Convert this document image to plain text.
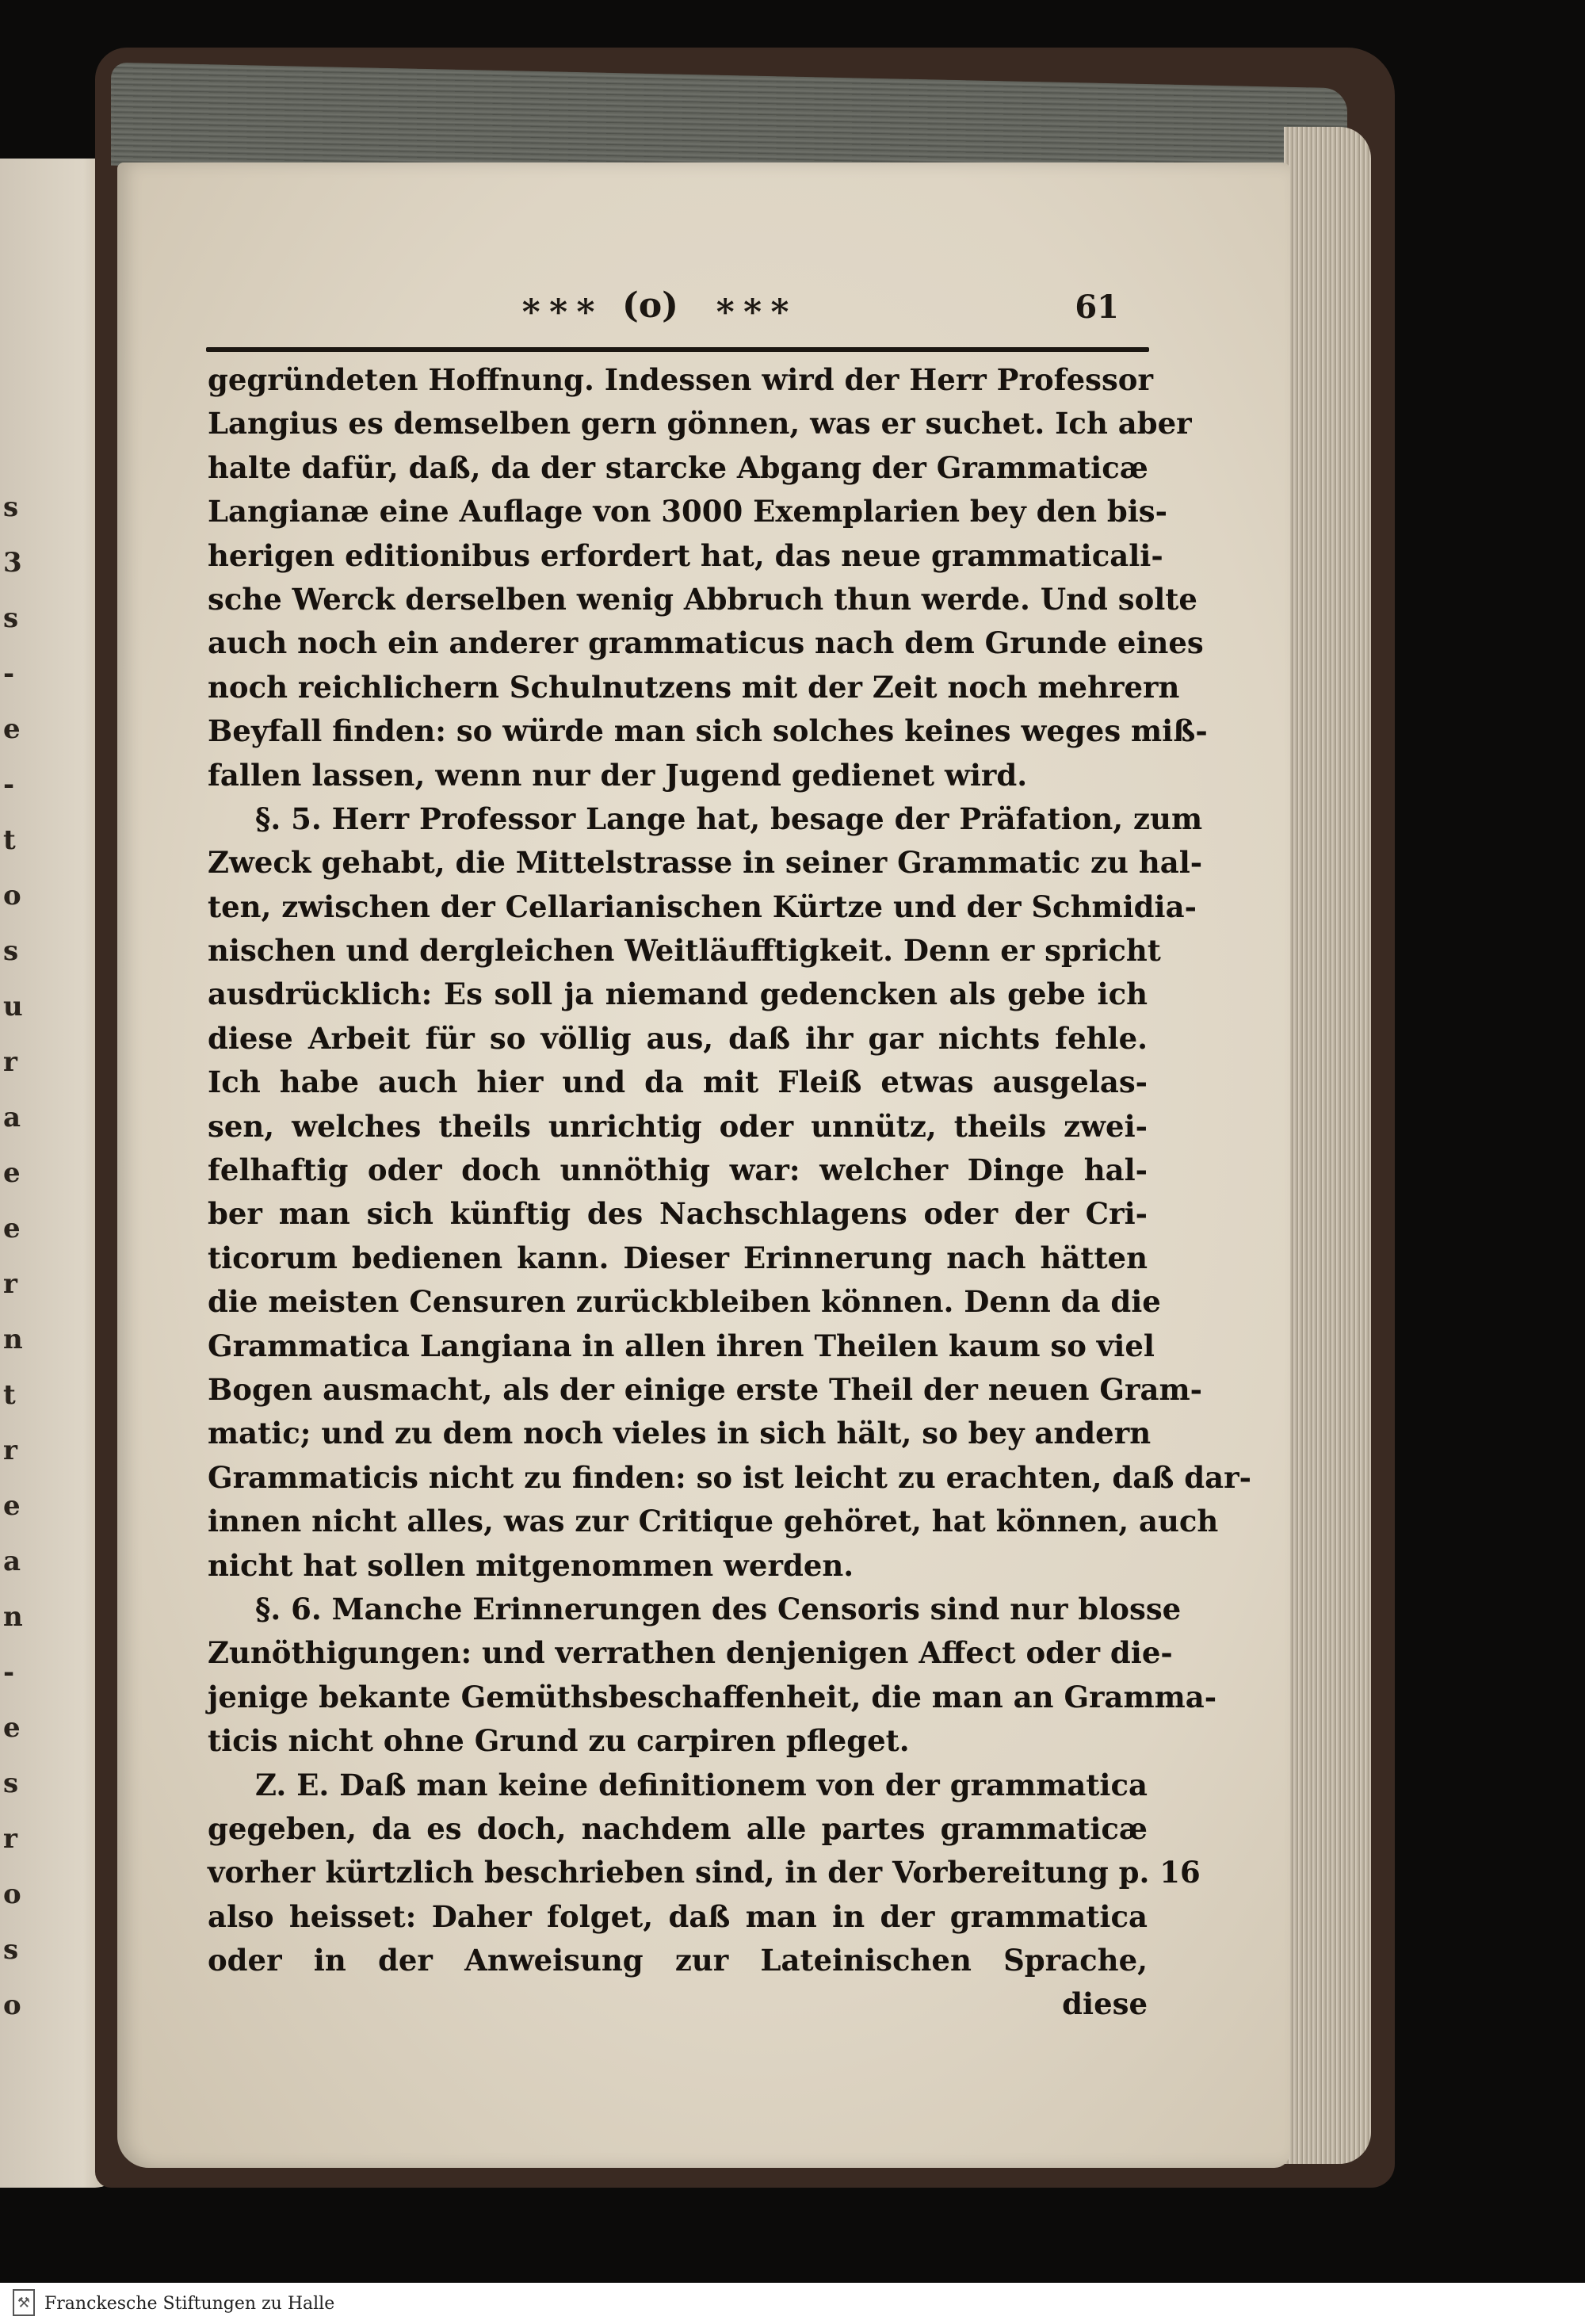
s
3
s
-
e
-
t
o
s
u
r
a
e
e
r
n
t
r
e
a
n
-
e
s
r
o
s
o
∗∗∗ (o) ∗∗∗	61
gegründeten Hoffnung. Indessen wird der Herr Professor
Langius es demselben gern gönnen, was er suchet. Ich aber
halte dafür, daß, da der starcke Abgang der Grammaticæ
Langianæ eine Auflage von 3000 Exemplarien bey den bis-
herigen editionibus erfordert hat, das neue grammaticali-
sche Werck derselben wenig Abbruch thun werde. Und solte
auch noch ein anderer grammaticus nach dem Grunde eines
noch reichlichern Schulnutzens mit der Zeit noch mehrern
Beyfall finden: so würde man sich solches keines weges miß-
fallen lassen, wenn nur der Jugend gedienet wird.
§. 5. Herr Professor Lange hat, besage der Präfation, zum
Zweck gehabt, die Mittelstrasse in seiner Grammatic zu hal-
ten, zwischen der Cellarianischen Kürtze und der Schmidia-
nischen und dergleichen Weitläufftigkeit. Denn er spricht
ausdrücklich: Es soll ja niemand gedencken als gebe ich
diese Arbeit für so völlig aus, daß ihr gar nichts fehle.
Ich habe auch hier und da mit Fleiß etwas ausgelas-
sen, welches theils unrichtig oder unnütz, theils zwei-
felhaftig oder doch unnöthig war: welcher Dinge hal-
ber man sich künftig des Nachschlagens oder der Cri-
ticorum bedienen kann. Dieser Erinnerung nach hätten
die meisten Censuren zurückbleiben können. Denn da die
Grammatica Langiana in allen ihren Theilen kaum so viel
Bogen ausmacht, als der einige erste Theil der neuen Gram-
matic; und zu dem noch vieles in sich hält, so bey andern
Grammaticis nicht zu finden: so ist leicht zu erachten, daß dar-
innen nicht alles, was zur Critique gehöret, hat können, auch
nicht hat sollen mitgenommen werden.
§. 6. Manche Erinnerungen des Censoris sind nur blosse
Zunöthigungen: und verrathen denjenigen Affect oder die-
jenige bekante Gemüthsbeschaffenheit, die man an Gramma-
ticis nicht ohne Grund zu carpiren pfleget.
Z. E. Daß man keine definitionem von der grammatica
gegeben, da es doch, nachdem alle partes grammaticæ
vorher kürtzlich beschrieben sind, in der Vorbereitung p. 16
also heisset: Daher folget, daß man in der grammatica
oder in der Anweisung zur Lateinischen Sprache,
diese
⚒ Franckesche Stiftungen zu Halle
